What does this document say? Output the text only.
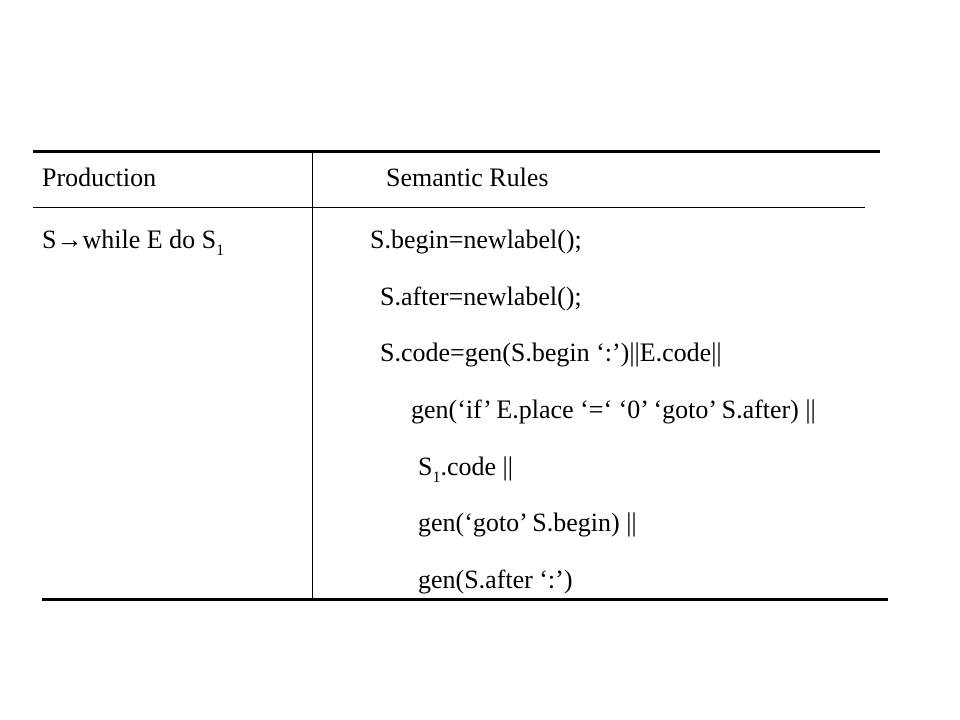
Production	Semantic Rules
S→while E do $S_1$	S.begin=newlabel();
S.after=newlabel();
S.code=gen(S.begin ‘:’)||E.code||
gen(‘if’ E.place ‘=‘ ‘0’ ‘goto’ S.after) ||
$S_1.code$ ||
gen(‘goto’ S.begin) ||
gen(S.after ‘:’)
